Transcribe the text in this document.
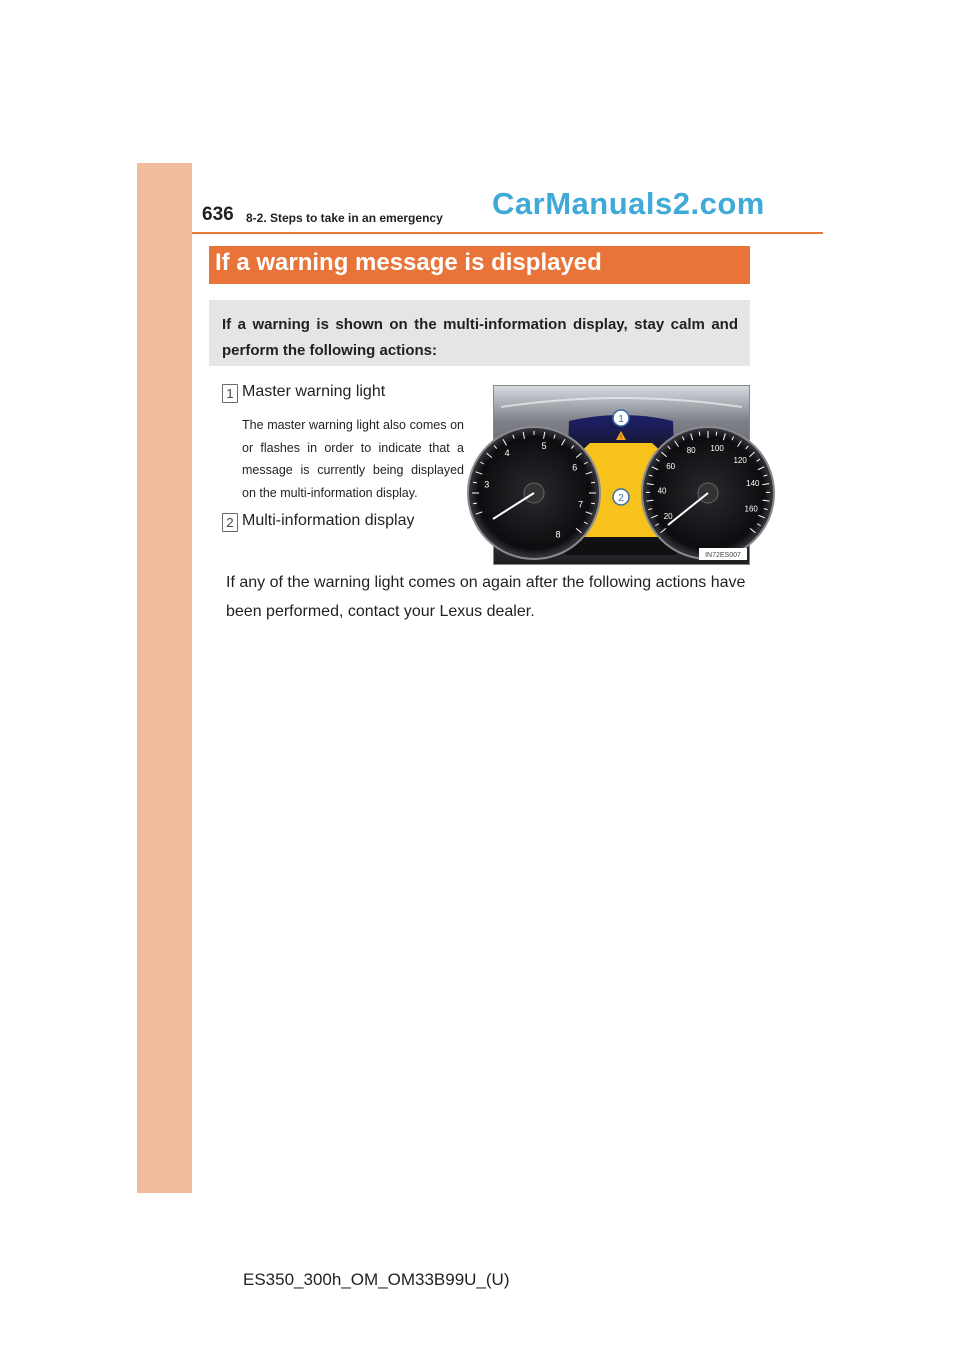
636 8-2. Steps to take in an emergency CarManuals2.com
If a warning message is displayed
If a warning is shown on the multi-information display, stay calm and perform the following actions:
1 Master warning light
The master warning light also comes on or flashes in order to indicate that a message is currently being displayed on the multi-information display.
2 Multi-information display
!
3
4
5
6
7
8
20
40
60
80 100
120
140
160
1
2
IN72ES007
If any of the warning light comes on again after the following actions have been performed, contact your Lexus dealer.
ES350_300h_OM_OM33B99U_(U)
